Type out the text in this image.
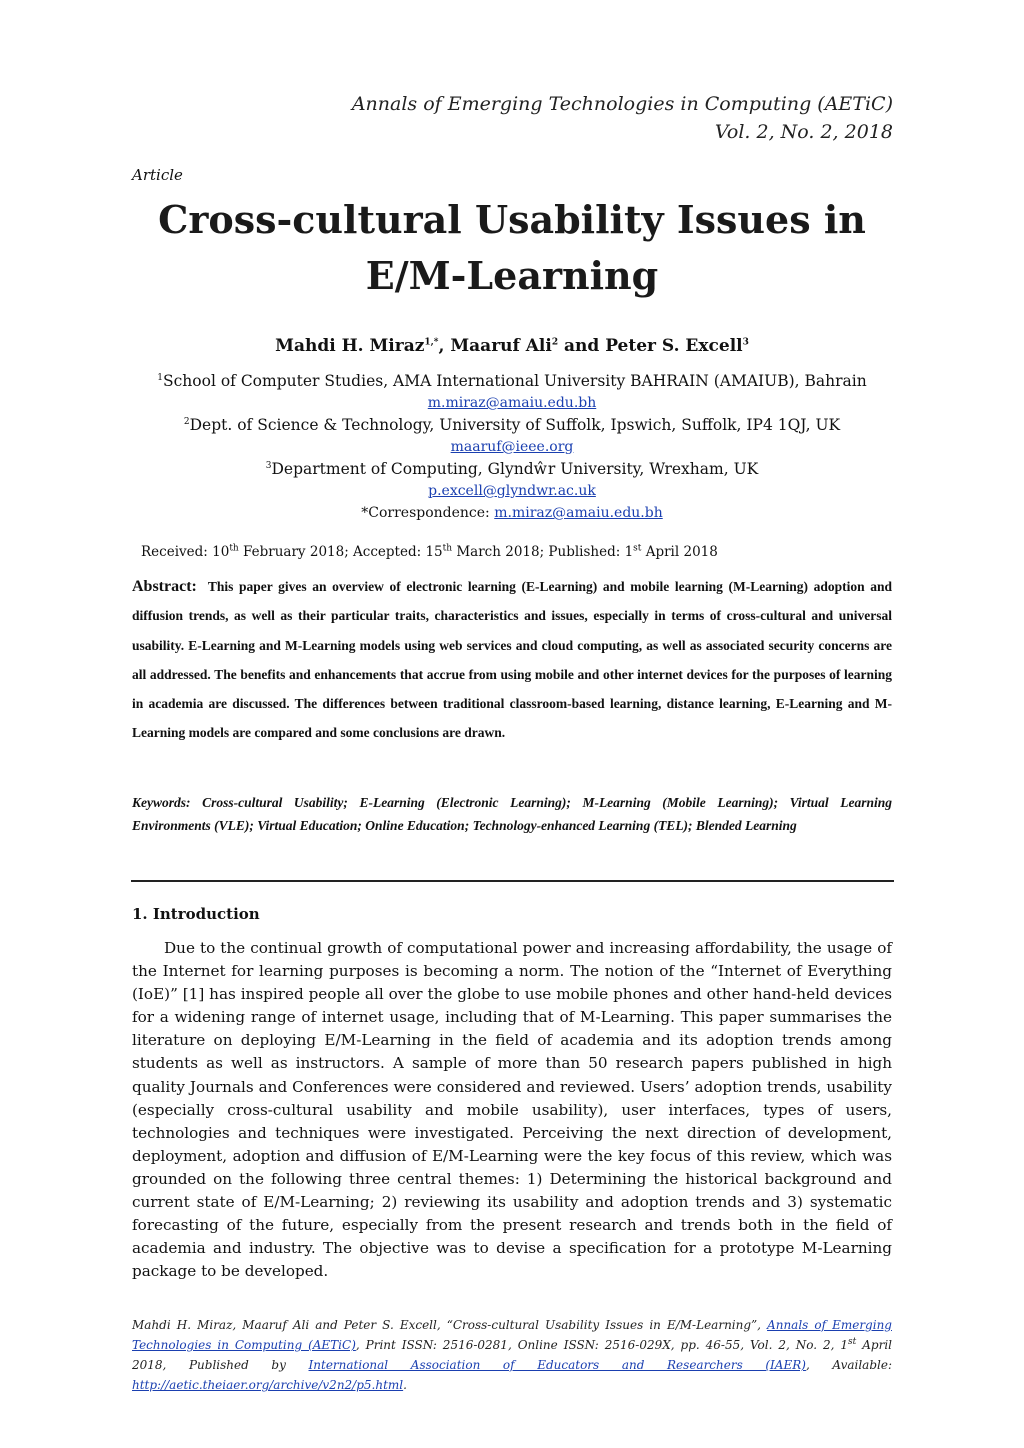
Annals of Emerging Technologies in Computing (AETiC)
Vol. 2, No. 2, 2018
Article
Cross-cultural Usability Issues in E/M-Learning
Mahdi H. Miraz$^{1,*}$, Maaruf Ali$^2$ and Peter S. Excell$^3$
$^1$School of Computer Studies, AMA International University BAHRAIN (AMAIUB), Bahrain
m.miraz@amaiu.edu.bh
$^2$Dept. of Science & Technology, University of Suffolk, Ipswich, Suffolk, IP4 1QJ, UK
maaruf@ieee.org
$^3$Department of Computing, Glyndŵr University, Wrexham, UK
p.excell@glyndwr.ac.uk
*Correspondence: m.miraz@amaiu.edu.bh
Received: 10th February 2018; Accepted: 15th March 2018; Published: 1st April 2018
Abstract: This paper gives an overview of electronic learning (E-Learning) and mobile learning (M-Learning) adoption and diffusion trends, as well as their particular traits, characteristics and issues, especially in terms of cross-cultural and universal usability. E-Learning and M-Learning models using web services and cloud computing, as well as associated security concerns are all addressed. The benefits and enhancements that accrue from using mobile and other internet devices for the purposes of learning in academia are discussed. The differences between traditional classroom-based learning, distance learning, E-Learning and M-Learning models are compared and some conclusions are drawn.
Keywords: Cross-cultural Usability; E-Learning (Electronic Learning); M-Learning (Mobile Learning); Virtual Learning Environments (VLE); Virtual Education; Online Education; Technology-enhanced Learning (TEL); Blended Learning
1. Introduction

Due to the continual growth of computational power and increasing affordability, the usage of the Internet for learning purposes is becoming a norm. The notion of the “Internet of Everything (IoE)” [1] has inspired people all over the globe to use mobile phones and other hand-held devices for a widening range of internet usage, including that of M-Learning. This paper summarises the literature on deploying E/M-Learning in the field of academia and its adoption trends among students as well as instructors. A sample of more than 50 research papers published in high quality Journals and Conferences were considered and reviewed. Users’ adoption trends, usability (especially cross-cultural usability and mobile usability), user interfaces, types of users, technologies and techniques were investigated. Perceiving the next direction of development, deployment, adoption and diffusion of E/M-Learning were the key focus of this review, which was grounded on the following three central themes: 1) Determining the historical background and current state of E/M-Learning; 2) reviewing its usability and adoption trends and 3) systematic forecasting of the future, especially from the present research and trends both in the field of academia and industry. The objective was to devise a specification for a prototype M-Learning package to be developed.

Mahdi H. Miraz, Maaruf Ali and Peter S. Excell, “Cross-cultural Usability Issues in E/M-Learning”, Annals of Emerging Technologies in Computing (AETiC), Print ISSN: 2516-0281, Online ISSN: 2516-029X, pp. 46-55, Vol. 2, No. 2, 1st April 2018, Published by International Association of Educators and Researchers (IAER), Available: http://aetic.theiaer.org/archive/v2n2/p5.html.
